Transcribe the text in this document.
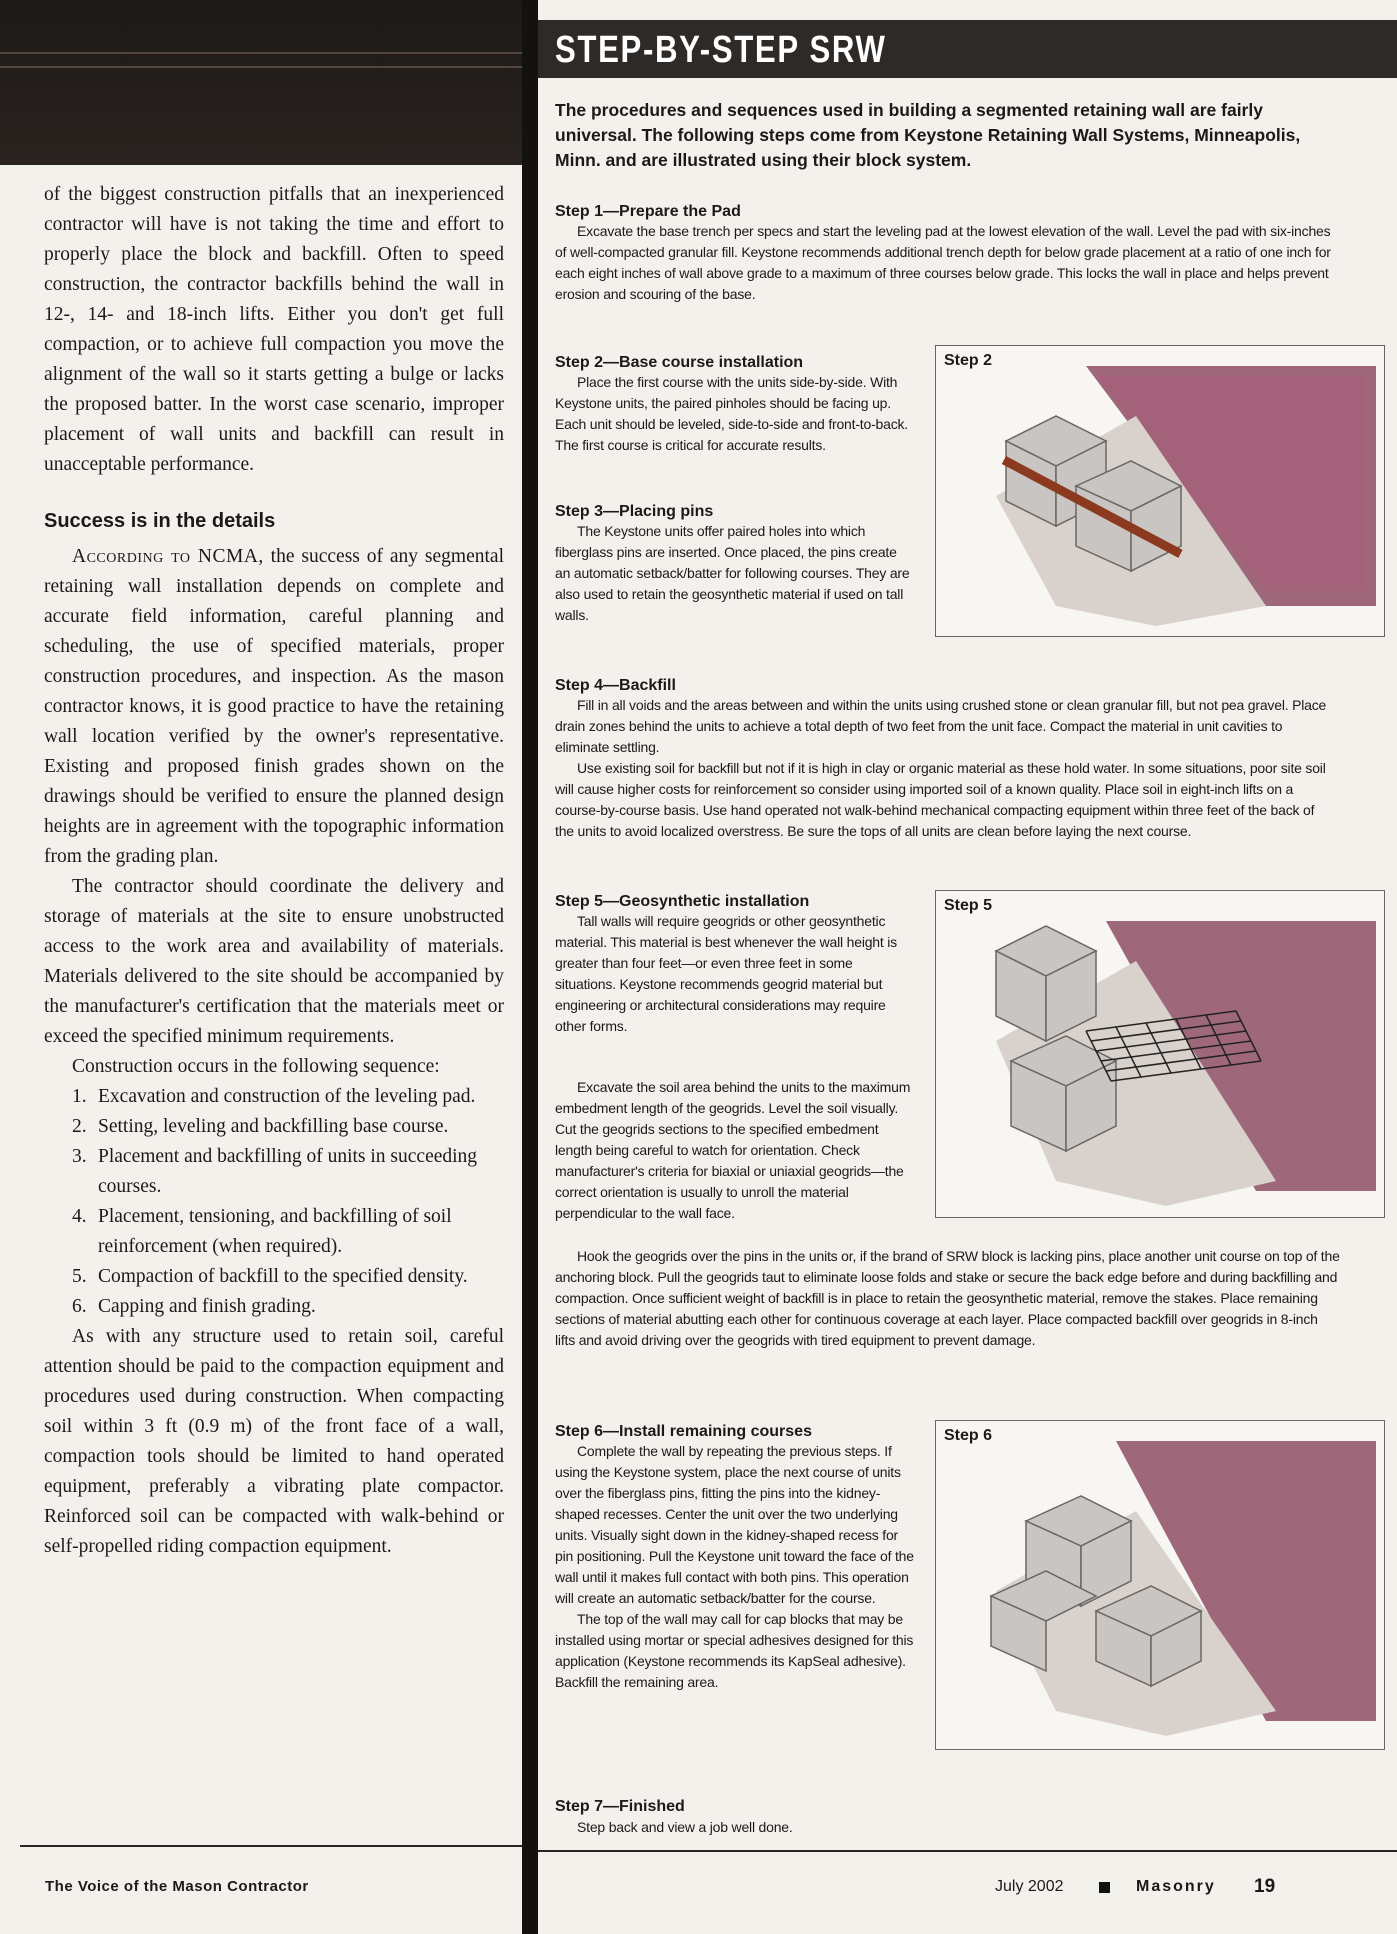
of the biggest construction pitfalls that an inexperienced contractor will have is not taking the time and effort to properly place the block and backfill. Often to speed construction, the contractor backfills behind the wall in 12-, 14- and 18-inch lifts. Either you don't get full compaction, or to achieve full compaction you move the alignment of the wall so it starts getting a bulge or lacks the proposed batter. In the worst case scenario, improper placement of wall units and backfill can result in unacceptable performance.

Success is in the details

According to NCMA, the success of any segmental retaining wall installation depends on complete and accurate field information, careful planning and scheduling, the use of specified materials, proper construction procedures, and inspection. As the mason contractor knows, it is good practice to have the retaining wall location verified by the owner's representative. Existing and proposed finish grades shown on the drawings should be verified to ensure the planned design heights are in agreement with the topographic information from the grading plan.

The contractor should coordinate the delivery and storage of materials at the site to ensure unobstructed access to the work area and availability of materials. Materials delivered to the site should be accompanied by the manufacturer's certification that the materials meet or exceed the specified minimum requirements.

Construction occurs in the following sequence:

1. Excavation and construction of the leveling pad.
2. Setting, leveling and backfilling base course.
3. Placement and backfilling of units in succeeding courses.
4. Placement, tensioning, and backfilling of soil reinforcement (when required).
5. Compaction of backfill to the specified density.
6. Capping and finish grading.

As with any structure used to retain soil, careful attention should be paid to the compaction equipment and procedures used during construction. When compacting soil within 3 ft (0.9 m) of the front face of a wall, compaction tools should be limited to hand operated equipment, preferably a vibrating plate compactor. Reinforced soil can be compacted with walk-behind or self-propelled riding compaction equipment.

The Voice of the Mason Contractor
STEP-BY-STEP SRW
The procedures and sequences used in building a segmented retaining wall are fairly universal. The following steps come from Keystone Retaining Wall Systems, Minneapolis, Minn. and are illustrated using their block system.
Step 1—Prepare the Pad

Excavate the base trench per specs and start the leveling pad at the lowest elevation of the wall. Level the pad with six-inches of well-compacted granular fill. Keystone recommends additional trench depth for below grade placement at a ratio of one inch for each eight inches of wall above grade to a maximum of three courses below grade. This locks the wall in place and helps prevent erosion and scouring of the base.

Step 2—Base course installation

Place the first course with the units side-by-side. With Keystone units, the paired pinholes should be facing up. Each unit should be leveled, side-to-side and front-to-back. The first course is critical for accurate results.

Step 3—Placing pins

The Keystone units offer paired holes into which fiberglass pins are inserted. Once placed, the pins create an automatic setback/batter for following courses. They are also used to retain the geosynthetic material if used on tall walls.

Step 2
Step 4—Backfill

Fill in all voids and the areas between and within the units using crushed stone or clean granular fill, but not pea gravel. Place drain zones behind the units to achieve a total depth of two feet from the unit face. Compact the material in unit cavities to eliminate settling.

Use existing soil for backfill but not if it is high in clay or organic material as these hold water. In some situations, poor site soil will cause higher costs for reinforcement so consider using imported soil of a known quality. Place soil in eight-inch lifts on a course-by-course basis. Use hand operated not walk-behind mechanical compacting equipment within three feet of the back of the units to avoid localized overstress. Be sure the tops of all units are clean before laying the next course.

Step 5—Geosynthetic installation

Tall walls will require geogrids or other geosynthetic material. This material is best whenever the wall height is greater than four feet—or even three feet in some situations. Keystone recommends geogrid material but engineering or architectural considerations may require other forms.

Excavate the soil area behind the units to the maximum embedment length of the geogrids. Level the soil visually. Cut the geogrids sections to the specified embedment length being careful to watch for orientation. Check manufacturer's criteria for biaxial or uniaxial geogrids—the correct orientation is usually to unroll the material perpendicular to the wall face.

Hook the geogrids over the pins in the units or, if the brand of SRW block is lacking pins, place another unit course on top of the anchoring block. Pull the geogrids taut to eliminate loose folds and stake or secure the back edge before and during backfilling and compaction. Once sufficient weight of backfill is in place to retain the geosynthetic material, remove the stakes. Place remaining sections of material abutting each other for continuous coverage at each layer. Place compacted backfill over geogrids in 8-inch lifts and avoid driving over the geogrids with tired equipment to prevent damage.

Step 5
Step 6—Install remaining courses

Complete the wall by repeating the previous steps. If using the Keystone system, place the next course of units over the fiberglass pins, fitting the pins into the kidney-shaped recesses. Center the unit over the two underlying units. Visually sight down in the kidney-shaped recess for pin positioning. Pull the Keystone unit toward the face of the wall until it makes full contact with both pins. This operation will create an automatic setback/batter for the course.

The top of the wall may call for cap blocks that may be installed using mortar or special adhesives designed for this application (Keystone recommends its KapSeal adhesive). Backfill the remaining area.

Step 6
Step 7—Finished

Step back and view a job well done.

July 2002	Masonry	19
